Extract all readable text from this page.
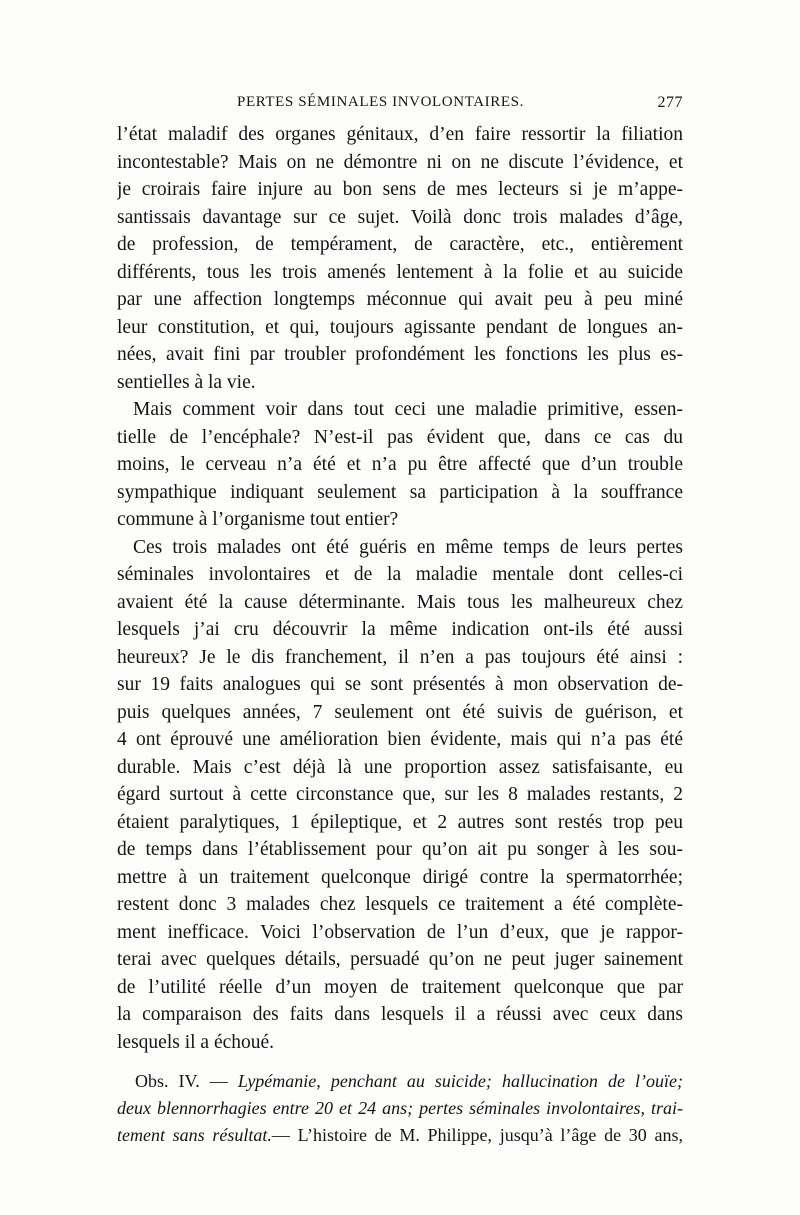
PERTES SÉMINALES INVOLONTAIRES.	277
l’état maladif des organes génitaux, d’en faire ressortir la filiation
incontestable? Mais on ne démontre ni on ne discute l’évidence, et
je croirais faire injure au bon sens de mes lecteurs si je m’appe-
santissais davantage sur ce sujet. Voilà donc trois malades d’âge,
de profession, de tempérament, de caractère, etc., entièrement
différents, tous les trois amenés lentement à la folie et au suicide
par une affection longtemps méconnue qui avait peu à peu miné
leur constitution, et qui, toujours agissante pendant de longues an-
nées, avait fini par troubler profondément les fonctions les plus es-
sentielles à la vie.
Mais comment voir dans tout ceci une maladie primitive, essen-
tielle de l’encéphale? N’est-il pas évident que, dans ce cas du
moins, le cerveau n’a été et n’a pu être affecté que d’un trouble
sympathique indiquant seulement sa participation à la souffrance
commune à l’organisme tout entier?
Ces trois malades ont été guéris en même temps de leurs pertes
séminales involontaires et de la maladie mentale dont celles-ci
avaient été la cause déterminante. Mais tous les malheureux chez
lesquels j’ai cru découvrir la même indication ont-ils été aussi
heureux? Je le dis franchement, il n’en a pas toujours été ainsi :
sur 19 faits analogues qui se sont présentés à mon observation de-
puis quelques années, 7 seulement ont été suivis de guérison, et
4 ont éprouvé une amélioration bien évidente, mais qui n’a pas été
durable. Mais c’est déjà là une proportion assez satisfaisante, eu
égard surtout à cette circonstance que, sur les 8 malades restants, 2
étaient paralytiques, 1 épileptique, et 2 autres sont restés trop peu
de temps dans l’établissement pour qu’on ait pu songer à les sou-
mettre à un traitement quelconque dirigé contre la spermatorrhée;
restent donc 3 malades chez lesquels ce traitement a été complète-
ment inefficace. Voici l’observation de l’un d’eux, que je rappor-
terai avec quelques détails, persuadé qu’on ne peut juger sainement
de l’utilité réelle d’un moyen de traitement quelconque que par
la comparaison des faits dans lesquels il a réussi avec ceux dans
lesquels il a échoué.
Obs. IV. — Lypémanie, penchant au suicide; hallucination de l’ouïe;
deux blennorrhagies entre 20 et 24 ans; pertes séminales involontaires, trai-
tement sans résultat.— L’histoire de M. Philippe, jusqu’à l’âge de 30 ans,
